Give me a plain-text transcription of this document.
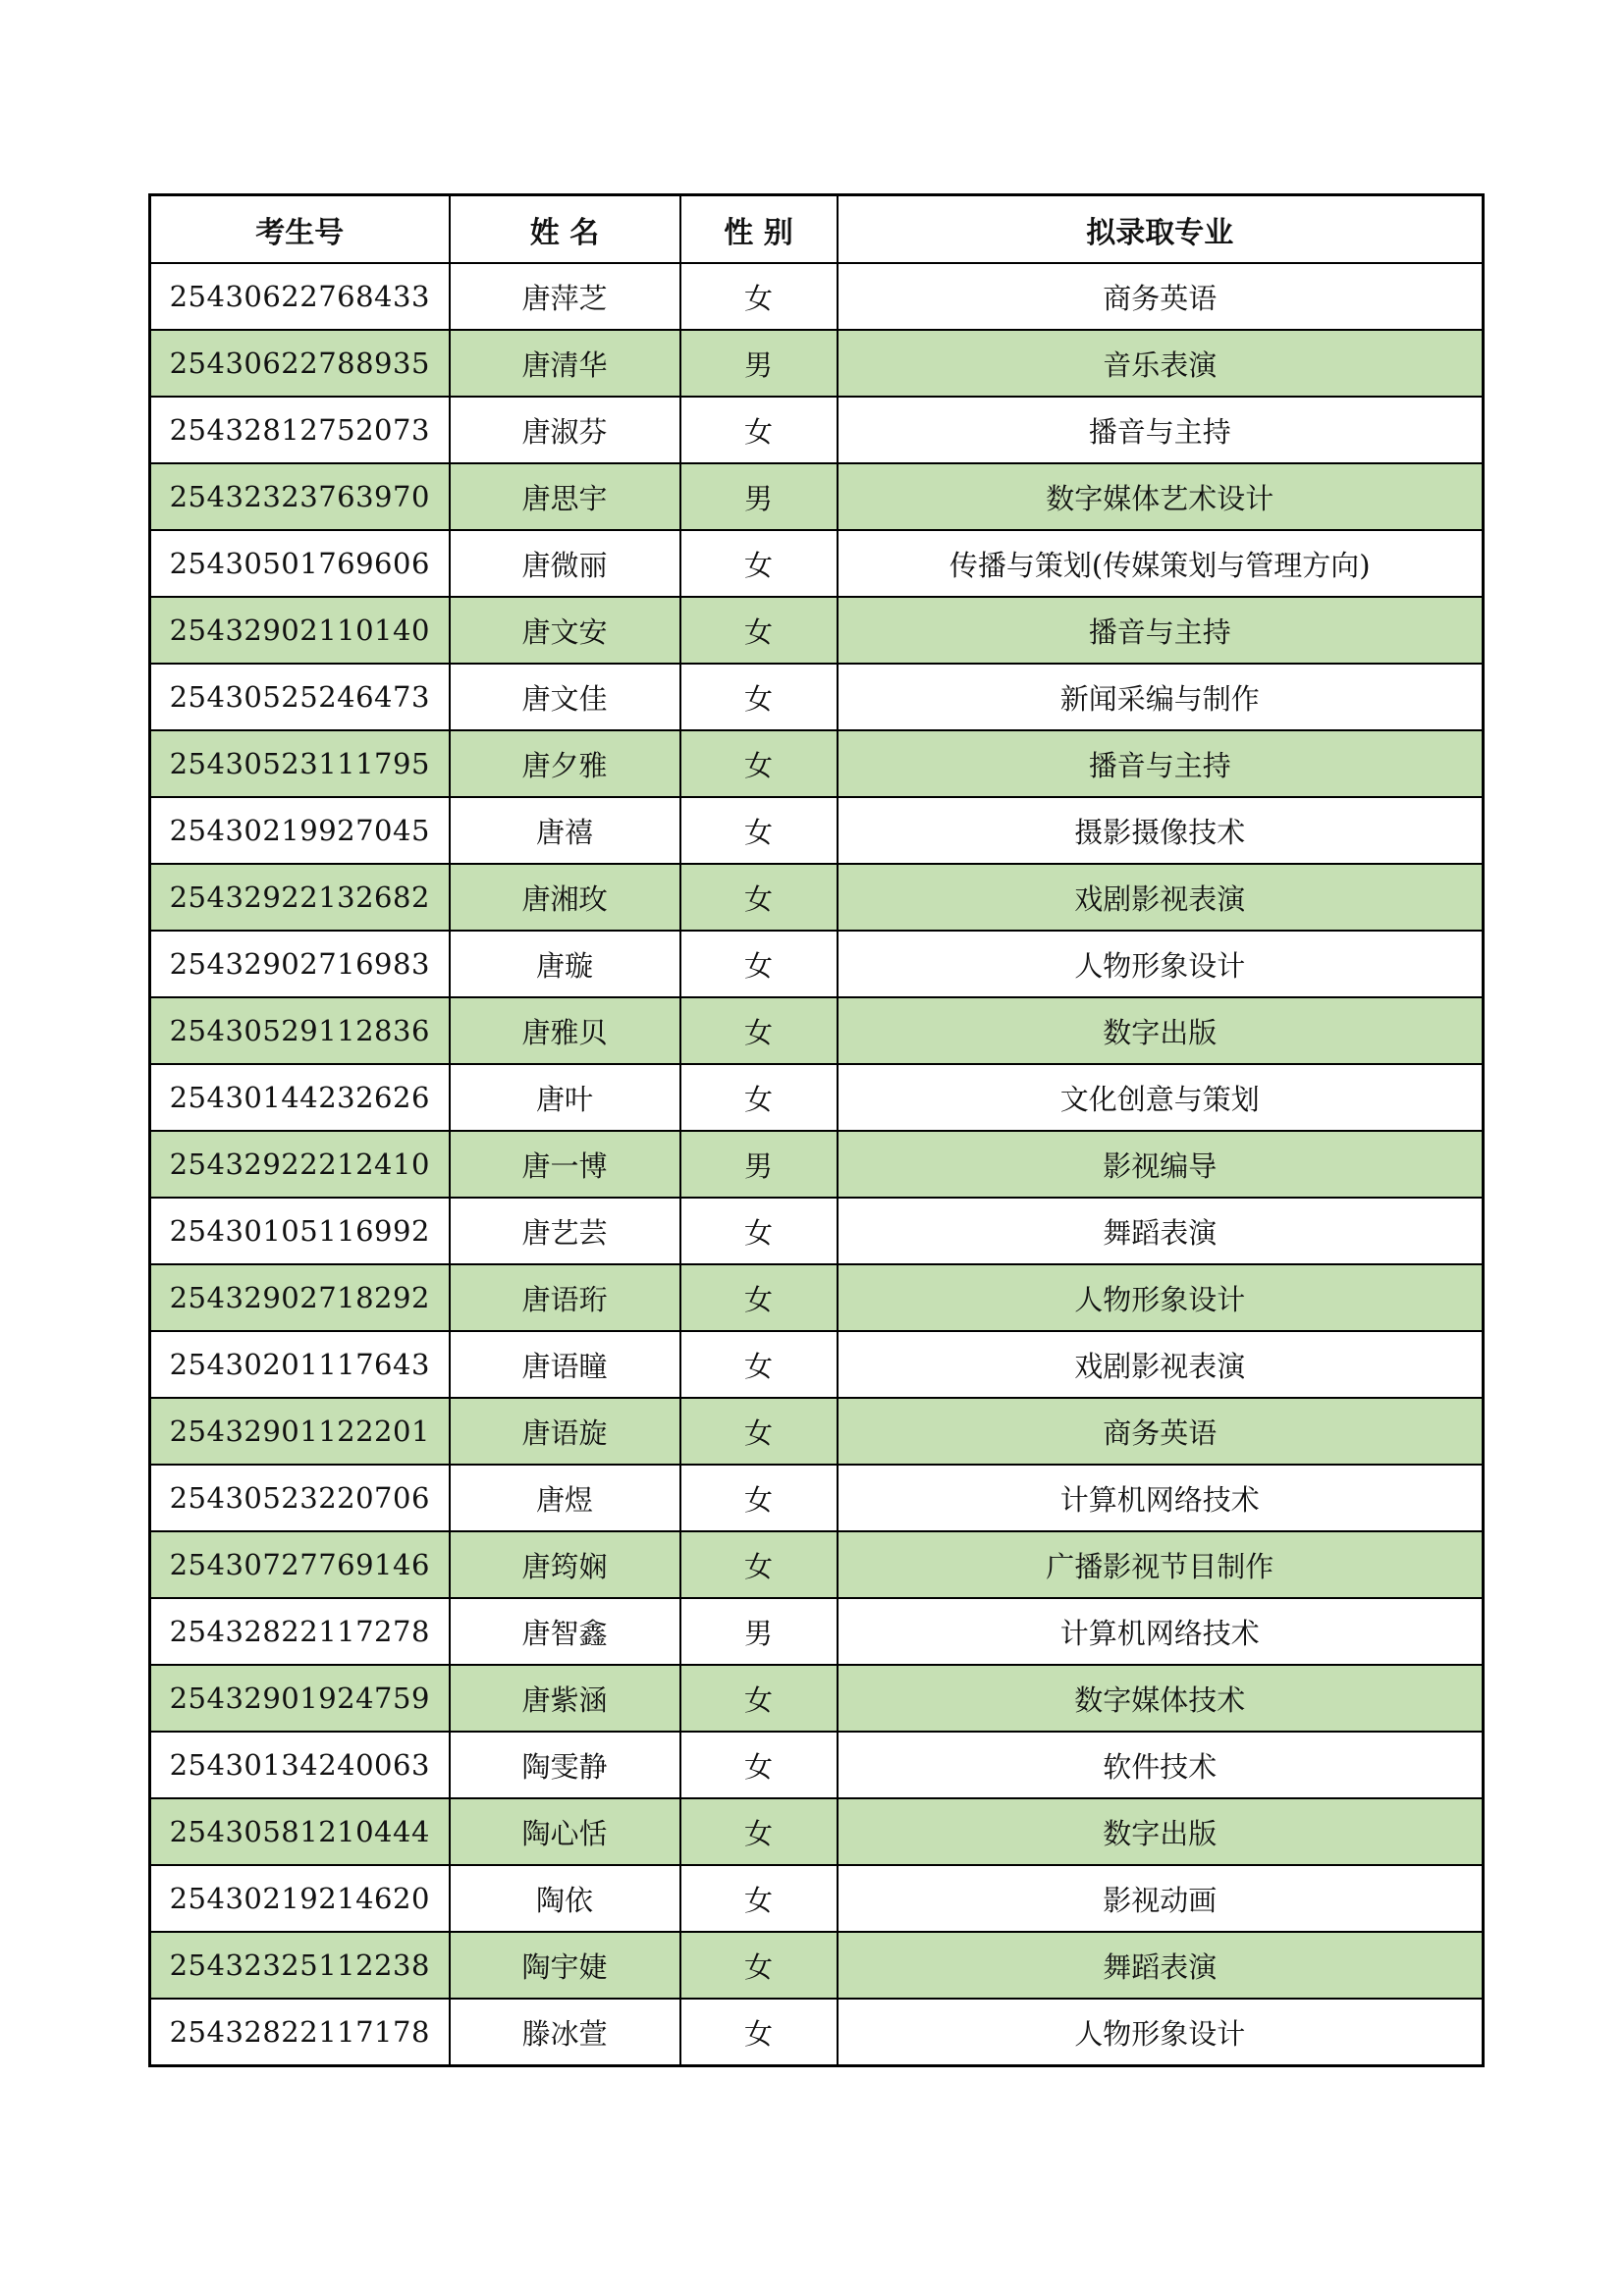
考生号	姓 名	性 别	拟录取专业
25430622768433	唐萍芝	女	商务英语
25430622788935	唐清华	男	音乐表演
25432812752073	唐淑芬	女	播音与主持
25432323763970	唐思宇	男	数字媒体艺术设计
25430501769606	唐微丽	女	传播与策划(传媒策划与管理方向)
25432902110140	唐文安	女	播音与主持
25430525246473	唐文佳	女	新闻采编与制作
25430523111795	唐夕雅	女	播音与主持
25430219927045	唐禧	女	摄影摄像技术
25432922132682	唐湘玫	女	戏剧影视表演
25432902716983	唐璇	女	人物形象设计
25430529112836	唐雅贝	女	数字出版
25430144232626	唐叶	女	文化创意与策划
25432922212410	唐一博	男	影视编导
25430105116992	唐艺芸	女	舞蹈表演
25432902718292	唐语珩	女	人物形象设计
25430201117643	唐语瞳	女	戏剧影视表演
25432901122201	唐语旋	女	商务英语
25430523220706	唐煜	女	计算机网络技术
25430727769146	唐筠娴	女	广播影视节目制作
25432822117278	唐智鑫	男	计算机网络技术
25432901924759	唐紫涵	女	数字媒体技术
25430134240063	陶雯静	女	软件技术
25430581210444	陶心恬	女	数字出版
25430219214620	陶依	女	影视动画
25432325112238	陶宇婕	女	舞蹈表演
25432822117178	滕冰萱	女	人物形象设计
